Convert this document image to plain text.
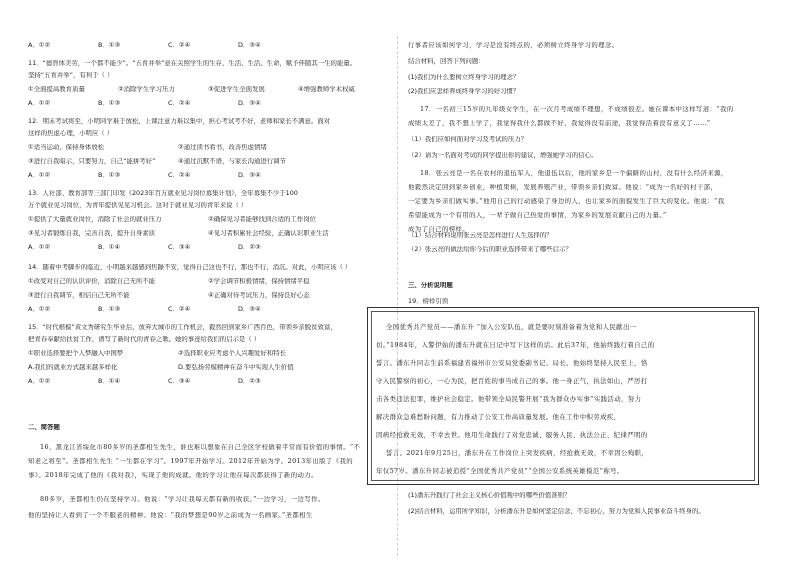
A．①②	B．①③	C．②④	D．③④
11．“德智体美劳，一个都不能少”。“五育并举”意在关照学生的生存、生活、生活、生命，赋予伴随其一生的能量。
坚持“五育并举”，有利于（ ）
①全面提高教育质量	②消除学生学习压力	③促进学生全面发展	④增强教师学术权威
A．①②	B．①③	C．②④	D．③④
12．期末考试将至，小明同学难于放松，上课注意力难以集中，担心考试考不好，老师和家长不满意。面对
这样的焦虑心理，小明应（ ）
①适当运动，保持身体放松	②通过读书看书，改善焦虑情绪
③进行自我暗示，只要努力，自己“能拼考好”	④通过沉默不语，与家长沟通进行调节
A．①②	B．①③	C．②④	D．③④
13．人社部、教育部等三部门印发《2023年百万就业见习岗位募集计划》，全年募集不少于100
万个就业见习岗位，为青年提供见见习机会。这对于就业见习的青年来说（ ）
①提供了大量就业岗位，消除了社会的就业压力	②确保见习者能够找到合适的工作岗位
③见习者锻炼自我，完善自我，提升自身素质	④见习者积累社会经验，正确认识职业生活
A．①②	B．①④	C．③④	D．②③
14．随着中考脚步的临近，小明越来越感到焦躁不安，觉得自己这也不行，那也不行，消沉。对此，小明应该（ ）
①改变对自己的认识评价，消除自己无所不能	②学会调节积极情绪，保持情绪平稳
③进行自我调节，相信自己无所不能	④正确对待考试压力，保持良好心态
A．①②	B．①③	C．②④	D．③④
15．“时代楷模”黄文秀研究生毕业后，放弃大城市的工作机会，毅然回到家乡广西百色，带领乡亲脱贫致富，
把青春奉献给扶贫工作，谱写了新时代的青春之歌。她的事迹给我们的启示是（ ）
①职业选择要把个人梦融入中国梦	②选择职业应考虑个人兴趣爱好和特长
A.我们的就业方式越来越多样化	D.要弘扬劳模精神在奋斗中实现人生价值
A．①②	B．①④	C．③④	D．②③
二、简答题
16、黑龙江省绥化市80多岁的圣都相生先生，谁也难以想象在自己全区学校做着平常而有价值的事情。“不
知老之将至”。圣都相生先生 “一生都在学习”。1997年开始学习。2012年开始为学。2013年出版了《我的
事》。2018年完成了他的《我对我》，实现了他的成就。他的学习让他在每次都获得了新的动力。
80多岁，圣都相生仍在坚持学习。他说：“学习让我每天都有新的收获。”一边学习，一边写作。
他的坚持让人看到了一个不服老的精神。他说：“我的梦想是90岁之前成为一名画家。”圣都相生
行事者应该如何学习，学习是没有终点的，必须树立终身学习的理念。
结合材料，回答下列问题：
(1)我们为什么要树立终身学习的理念？
(2)我们应怎样养成终身学习的好习惯？
17．一名初三15岁的九年级女学生，在一次月考成绩不理想，不成绩很差。她在课本中这样写道：“我的
成绩太差了，我不想上学了，我觉得我什么都做不好，我觉得没有前途，我觉得活着没有意义了……”
（1）我们应如何面对学习及考试的压力？
（2）请为一名面对考试的同学提出你的建议，增强她学习的信心。
18．张云亮是一名在农村的退伍军人，他退伍以后，他的家乡是一个偏僻的山村，没有什么经济来源，
他毅然决定回到家乡创业，种植果树，发展养殖产业，带领乡亲们致富。他说：“成为一名好的村干部，
一定要为乡亲们做实事。”他用自己的行动感染了身边的人，也让家乡的面貌发生了巨大的变化。他说：“我
希望能成为一个有用的人，一辈子做自己热爱的事情，为家乡的发展贡献自己的力量。”
成为了自己的榜样。
（1）结合材料说明张云亮是怎样进行人生选择的？
（2）张云亮的做法给你今后的职业选择带来了哪些启示？
三、分析说明题
19．榜样引领
(1)潘东升践行了社会主义核心价值观中的哪些价值准则？
(2)结合材料，运用所学知识，分析潘东升是如何坚定信念、不忘初心，努力为党和人民事业奋斗终身的。
全国优秀共产党员——潘东升 “加入公安队伍，就是要时刻准备着为党和人民献出一
切。”1984年，入警伊始的潘东升就在日记中写下这样的话。此后37年，他始终践行着自己的
誓言。潘东升同志生前系福建省福州市公安局党委副书记、局长。他始终坚持人民至上，恪
守入民警察的初心，一心为民，把百姓的事当成自己的事。他一身正气，执法如山，严厉打
击各类违法犯罪，维护社会稳定。他带领全局民警开展“我为群众办实事”实践活动，努力
解决群众急难愁盼问题，有力推动了公安工作高质量发展。他在工作中积劳成疾，
因病经抢救无效，不幸去世。他用生命践行了对党忠诚、服务人民、执法公正、纪律严明的
誓言。2021年9月25日，潘东升在工作岗位上突发疾病，经抢救无效，不幸因公殉职，
年仅57岁。潘东升同志被追授“全国优秀共产党员”“全国公安系统英雄模范”称号。
